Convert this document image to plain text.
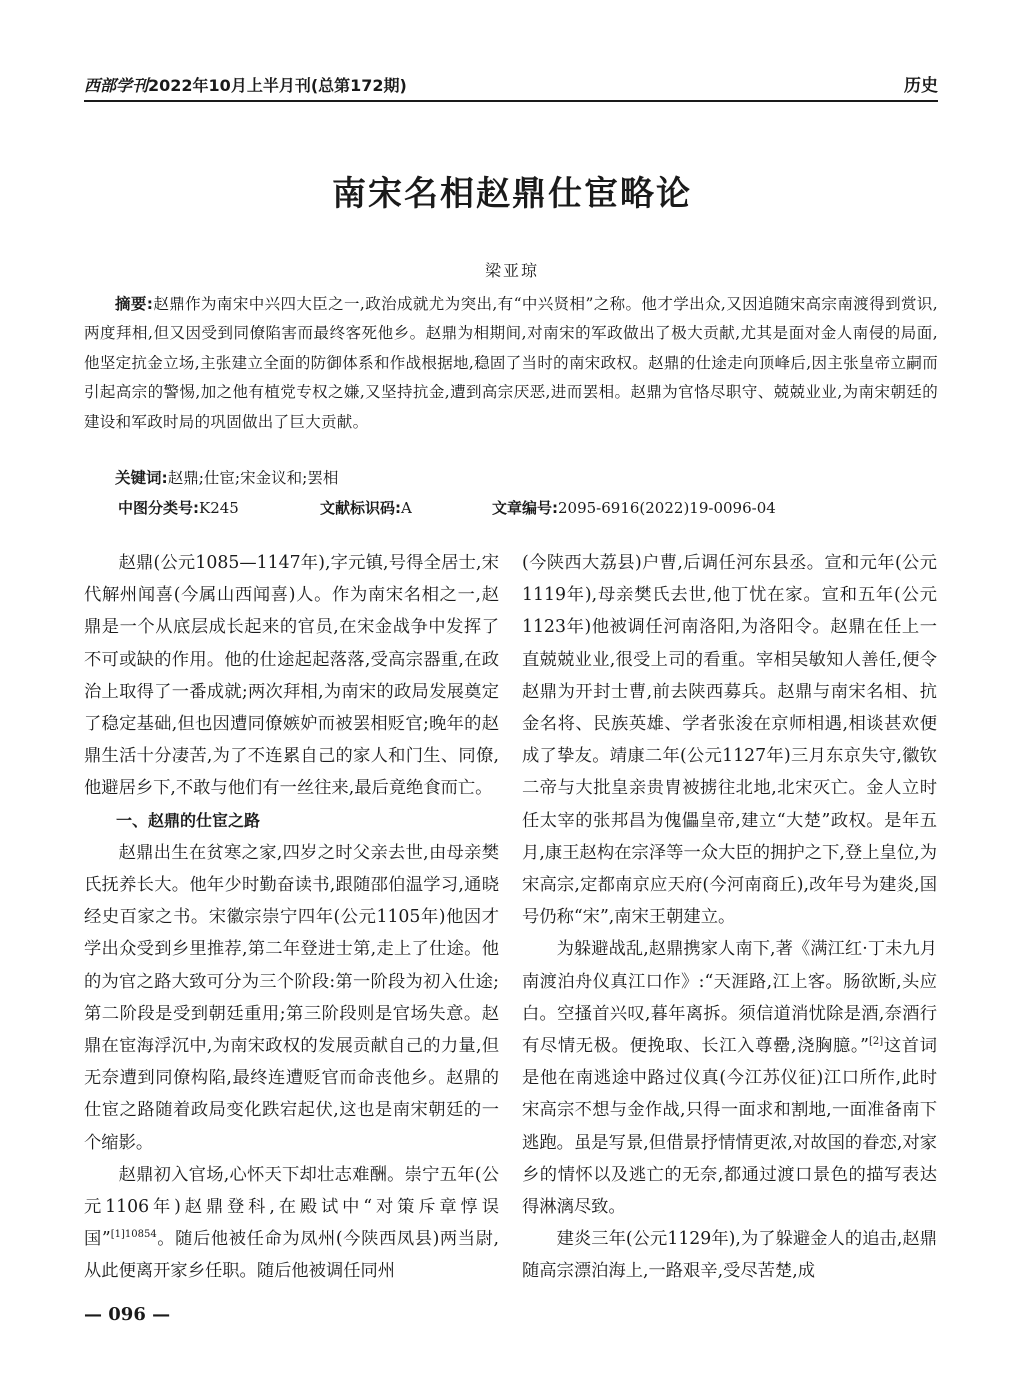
西部学刊2022年10月上半月刊(总第172期)	历史
南宋名相赵鼎仕宦略论
梁亚琼
摘要:赵鼎作为南宋中兴四大臣之一,政治成就尤为突出,有“中兴贤相”之称。他才学出众,又因追随宋高宗南渡得到赏识,两度拜相,但又因受到同僚陷害而最终客死他乡。赵鼎为相期间,对南宋的军政做出了极大贡献,尤其是面对金人南侵的局面,他坚定抗金立场,主张建立全面的防御体系和作战根据地,稳固了当时的南宋政权。赵鼎的仕途走向顶峰后,因主张皇帝立嗣而引起高宗的警惕,加之他有植党专权之嫌,又坚持抗金,遭到高宗厌恶,进而罢相。赵鼎为官恪尽职守、兢兢业业,为南宋朝廷的建设和军政时局的巩固做出了巨大贡献。
关键词:赵鼎;仕宦;宋金议和;罢相
中图分类号:K245	文献标识码:A	文章编号:2095-6916(2022)19-0096-04

赵鼎(公元1085—1147年),字元镇,号得全居士,宋代解州闻喜(今属山西闻喜)人。作为南宋名相之一,赵鼎是一个从底层成长起来的官员,在宋金战争中发挥了不可或缺的作用。他的仕途起起落落,受高宗器重,在政治上取得了一番成就;两次拜相,为南宋的政局发展奠定了稳定基础,但也因遭同僚嫉妒而被罢相贬官;晚年的赵鼎生活十分凄苦,为了不连累自己的家人和门生、同僚,他避居乡下,不敢与他们有一丝往来,最后竟绝食而亡。

一、赵鼎的仕宦之路

赵鼎出生在贫寒之家,四岁之时父亲去世,由母亲樊氏抚养长大。他年少时勤奋读书,跟随邵伯温学习,通晓经史百家之书。宋徽宗崇宁四年(公元1105年)他因才学出众受到乡里推荐,第二年登进士第,走上了仕途。他的为官之路大致可分为三个阶段:第一阶段为初入仕途;第二阶段是受到朝廷重用;第三阶段则是官场失意。赵鼎在宦海浮沉中,为南宋政权的发展贡献自己的力量,但无奈遭到同僚构陷,最终连遭贬官而命丧他乡。赵鼎的仕宦之路随着政局变化跌宕起伏,这也是南宋朝廷的一个缩影。

赵鼎初入官场,心怀天下却壮志难酬。崇宁五年(公元1106年)赵鼎登科,在殿试中“对策斥章惇误国”$^{[1]10854}$。随后他被任命为凤州(今陕西凤县)两当尉,从此便离开家乡任职。随后他被调任同州

(今陕西大荔县)户曹,后调任河东县丞。宣和元年(公元1119年),母亲樊氏去世,他丁忧在家。宣和五年(公元1123年)他被调任河南洛阳,为洛阳令。赵鼎在任上一直兢兢业业,很受上司的看重。宰相吴敏知人善任,便令赵鼎为开封士曹,前去陕西募兵。赵鼎与南宋名相、抗金名将、民族英雄、学者张浚在京师相遇,相谈甚欢便成了挚友。靖康二年(公元1127年)三月东京失守,徽钦二帝与大批皇亲贵胄被掳往北地,北宋灭亡。金人立时任太宰的张邦昌为傀儡皇帝,建立“大楚”政权。是年五月,康王赵构在宗泽等一众大臣的拥护之下,登上皇位,为宋高宗,定都南京应天府(今河南商丘),改年号为建炎,国号仍称“宋”,南宋王朝建立。

为躲避战乱,赵鼎携家人南下,著《满江红·丁未九月南渡泊舟仪真江口作》:“天涯路,江上客。肠欲断,头应白。空搔首兴叹,暮年离拆。须信道消忧除是酒,奈酒行有尽情无极。便挽取、长江入尊罍,浇胸臆。”[2]这首词是他在南逃途中路过仪真(今江苏仪征)江口所作,此时宋高宗不想与金作战,只得一面求和割地,一面准备南下逃跑。虽是写景,但借景抒情情更浓,对故国的眷恋,对家乡的情怀以及逃亡的无奈,都通过渡口景色的描写表达得淋漓尽致。

建炎三年(公元1129年),为了躲避金人的追击,赵鼎随高宗漂泊海上,一路艰辛,受尽苦楚,成

— 096 —
